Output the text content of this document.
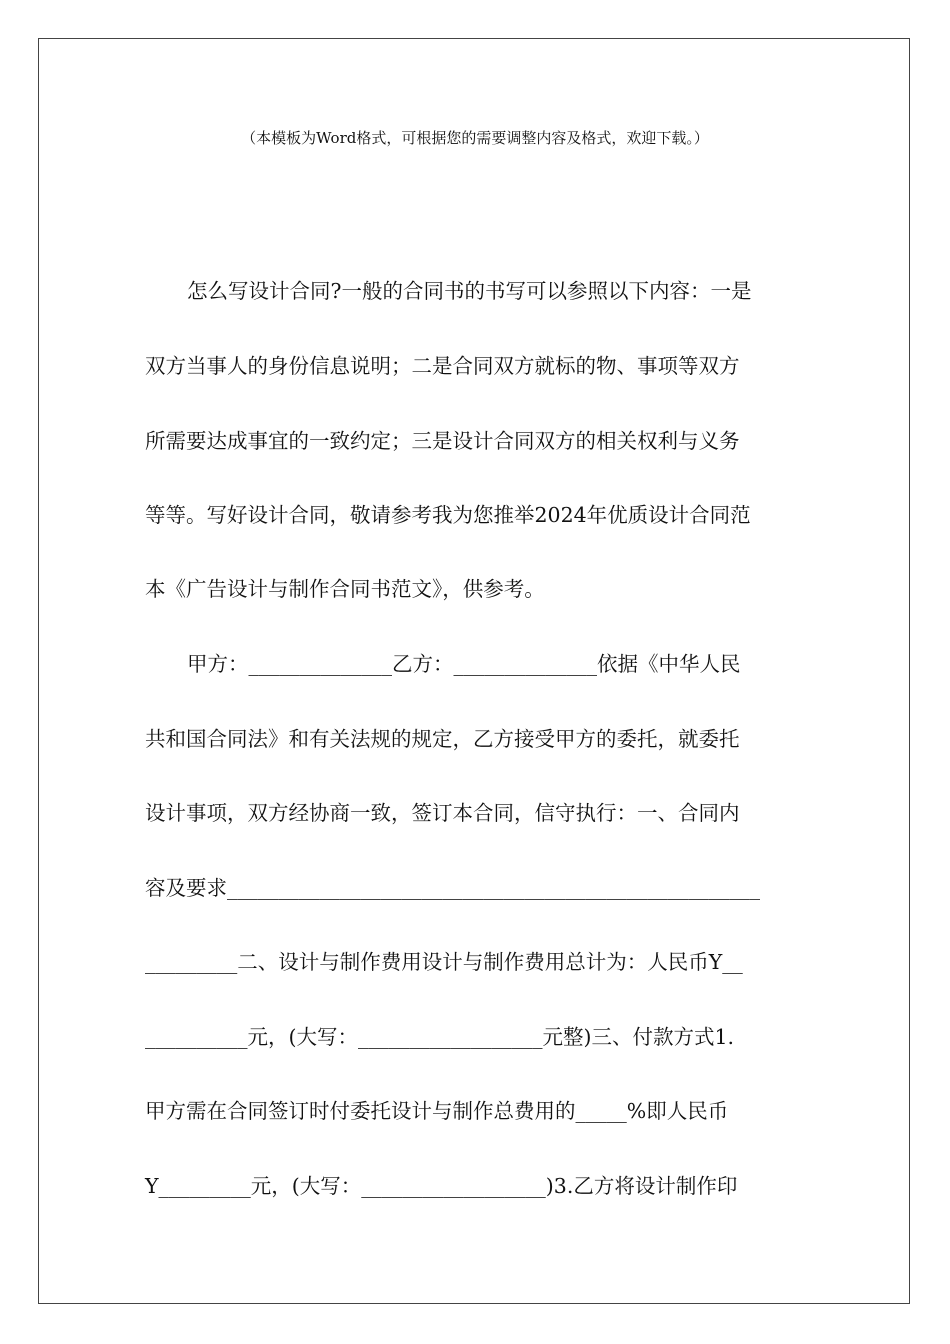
（本模板为Word格式，可根据您的需要调整内容及格式，欢迎下载。）
怎么写设计合同?一般的合同书的书写可以参照以下内容：一是
双方当事人的身份信息说明；二是合同双方就标的物、事项等双方
所需要达成事宜的一致约定；三是设计合同双方的相关权利与义务
等等。写好设计合同，敬请参考我为您推举2024年优质设计合同范
本《广告设计与制作合同书范文》，供参考。
甲方：______________乙方：______________依据《中华人民
共和国合同法》和有关法规的规定，乙方接受甲方的委托，就委托
设计事项，双方经协商一致，签订本合同，信守执行：一、合同内
容及要求____________________________________________________
_________二、设计与制作费用设计与制作费用总计为：人民币Y__
__________元，(大写：__________________元整)三、付款方式1.
甲方需在合同签订时付委托设计与制作总费用的_____%即人民币
Y_________元，(大写：__________________)3.乙方将设计制作印
